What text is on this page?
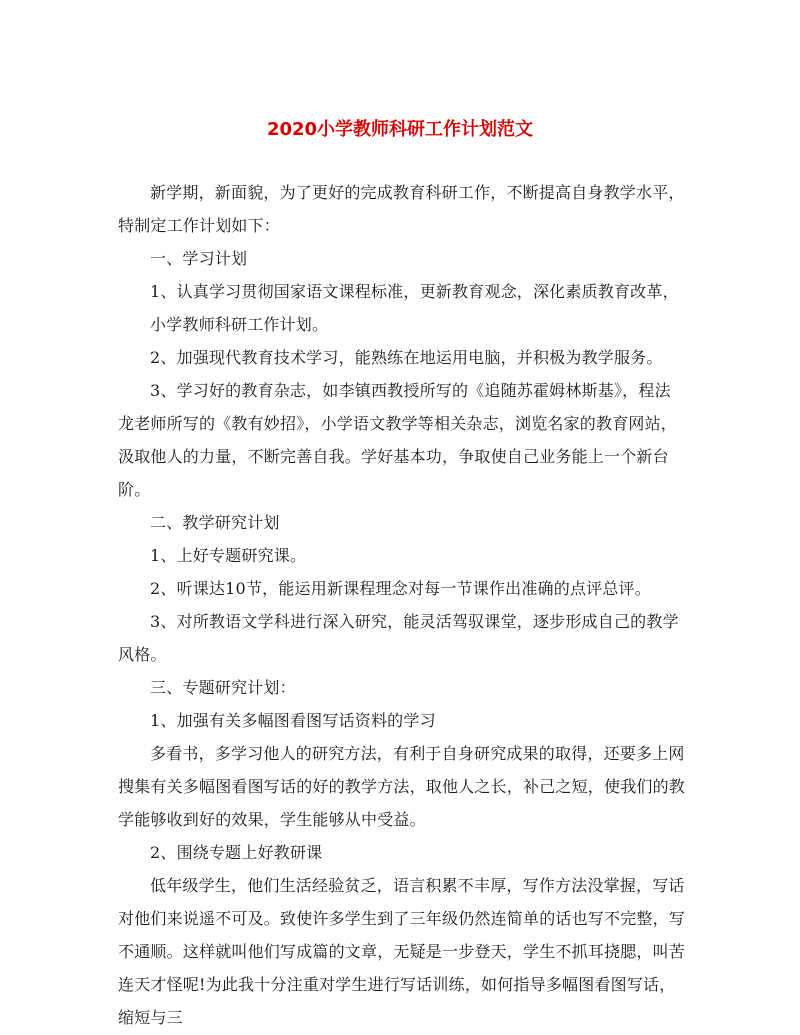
2020小学教师科研工作计划范文

新学期，新面貌，为了更好的完成教育科研工作，不断提高自身教学水平，特制定工作计划如下：

一、学习计划

1、认真学习贯彻国家语文课程标准，更新教育观念，深化素质教育改革，

小学教师科研工作计划。

2、加强现代教育技术学习，能熟练在地运用电脑，并积极为教学服务。

3、学习好的教育杂志，如李镇西教授所写的《追随苏霍姆林斯基》，程法龙老师所写的《教有妙招》，小学语文教学等相关杂志，浏览名家的教育网站，汲取他人的力量，不断完善自我。学好基本功，争取使自己业务能上一个新台阶。

二、教学研究计划

1、上好专题研究课。

2、听课达10节，能运用新课程理念对每一节课作出准确的点评总评。

3、对所教语文学科进行深入研究，能灵活驾驭课堂，逐步形成自己的教学风格。

三、专题研究计划：

1、加强有关多幅图看图写话资料的学习

多看书，多学习他人的研究方法，有利于自身研究成果的取得，还要多上网搜集有关多幅图看图写话的好的教学方法，取他人之长，补己之短，使我们的教学能够收到好的效果，学生能够从中受益。

2、围绕专题上好教研课

低年级学生，他们生活经验贫乏，语言积累不丰厚，写作方法没掌握，写话对他们来说遥不可及。致使许多学生到了三年级仍然连简单的话也写不完整，写不通顺。这样就叫他们写成篇的文章，无疑是一步登天，学生不抓耳挠腮，叫苦连天才怪呢!为此我十分注重对学生进行写话训练，如何指导多幅图看图写话，缩短与三
